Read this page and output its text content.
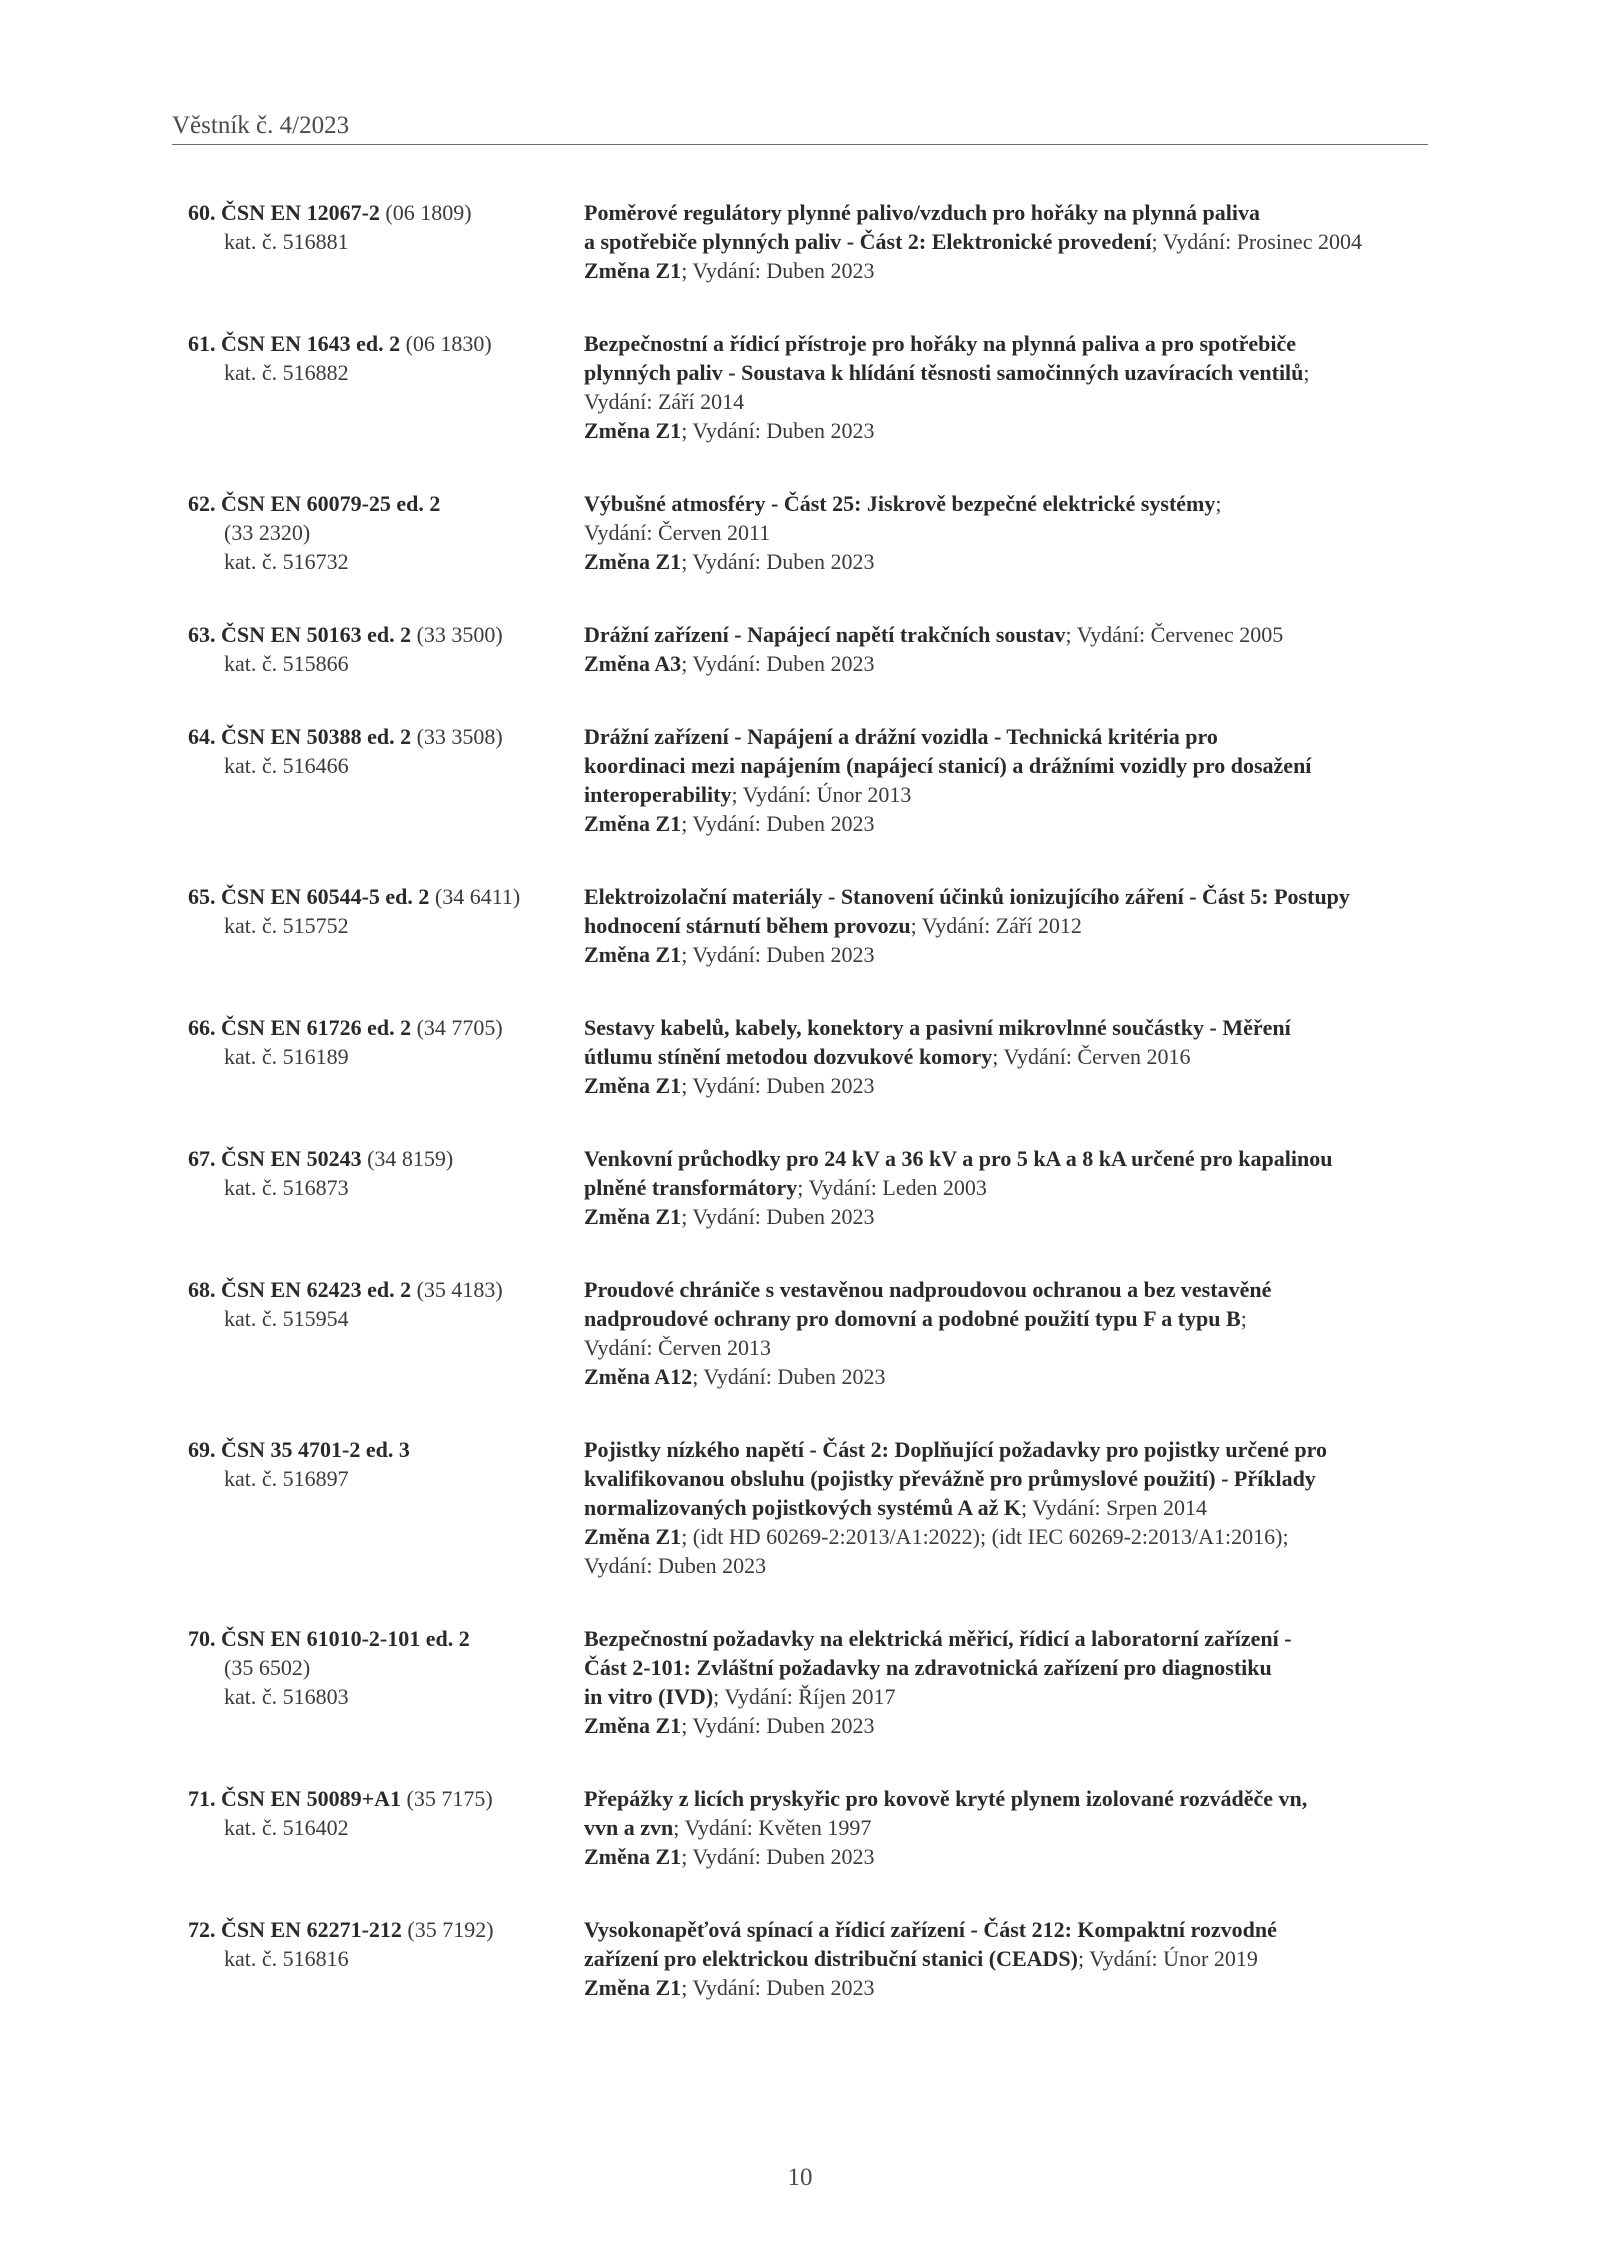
Věstník č. 4/2023
60. ČSN EN 12067-2 (06 1809)
kat. č. 516881
Poměrové regulátory plynné palivo/vzduch pro hořáky na plynná paliva
a spotřebiče plynných paliv - Část 2: Elektronické provedení; Vydání: Prosinec 2004
Změna Z1; Vydání: Duben 2023
61. ČSN EN 1643 ed. 2 (06 1830)
kat. č. 516882
Bezpečnostní a řídicí přístroje pro hořáky na plynná paliva a pro spotřebiče
plynných paliv - Soustava k hlídání těsnosti samočinných uzavíracích ventilů;
Vydání: Září 2014
Změna Z1; Vydání: Duben 2023
62. ČSN EN 60079-25 ed. 2
(33 2320)
kat. č. 516732
Výbušné atmosféry - Část 25: Jiskrově bezpečné elektrické systémy;
Vydání: Červen 2011
Změna Z1; Vydání: Duben 2023
63. ČSN EN 50163 ed. 2 (33 3500)
kat. č. 515866
Drážní zařízení - Napájecí napětí trakčních soustav; Vydání: Červenec 2005
Změna A3; Vydání: Duben 2023
64. ČSN EN 50388 ed. 2 (33 3508)
kat. č. 516466
Drážní zařízení - Napájení a drážní vozidla - Technická kritéria pro
koordinaci mezi napájením (napájecí stanicí) a drážními vozidly pro dosažení
interoperability; Vydání: Únor 2013
Změna Z1; Vydání: Duben 2023
65. ČSN EN 60544-5 ed. 2 (34 6411)
kat. č. 515752
Elektroizolační materiály - Stanovení účinků ionizujícího záření - Část 5: Postupy
hodnocení stárnutí během provozu; Vydání: Září 2012
Změna Z1; Vydání: Duben 2023
66. ČSN EN 61726 ed. 2 (34 7705)
kat. č. 516189
Sestavy kabelů, kabely, konektory a pasivní mikrovlnné součástky - Měření
útlumu stínění metodou dozvukové komory; Vydání: Červen 2016
Změna Z1; Vydání: Duben 2023
67. ČSN EN 50243 (34 8159)
kat. č. 516873
Venkovní průchodky pro 24 kV a 36 kV a pro 5 kA a 8 kA určené pro kapalinou
plněné transformátory; Vydání: Leden 2003
Změna Z1; Vydání: Duben 2023
68. ČSN EN 62423 ed. 2 (35 4183)
kat. č. 515954
Proudové chrániče s vestavěnou nadproudovou ochranou a bez vestavěné
nadproudové ochrany pro domovní a podobné použití typu F a typu B;
Vydání: Červen 2013
Změna A12; Vydání: Duben 2023
69. ČSN 35 4701-2 ed. 3
kat. č. 516897
Pojistky nízkého napětí - Část 2: Doplňující požadavky pro pojistky určené pro
kvalifikovanou obsluhu (pojistky převážně pro průmyslové použití) - Příklady
normalizovaných pojistkových systémů A až K; Vydání: Srpen 2014
Změna Z1; (idt HD 60269-2:2013/A1:2022); (idt IEC 60269-2:2013/A1:2016);
Vydání: Duben 2023
70. ČSN EN 61010-2-101 ed. 2
(35 6502)
kat. č. 516803
Bezpečnostní požadavky na elektrická měřicí, řídicí a laboratorní zařízení -
Část 2-101: Zvláštní požadavky na zdravotnická zařízení pro diagnostiku
in vitro (IVD); Vydání: Říjen 2017
Změna Z1; Vydání: Duben 2023
71. ČSN EN 50089+A1 (35 7175)
kat. č. 516402
Přepážky z licích pryskyřic pro kovově kryté plynem izolované rozváděče vn,
vvn a zvn; Vydání: Květen 1997
Změna Z1; Vydání: Duben 2023
72. ČSN EN 62271-212 (35 7192)
kat. č. 516816
Vysokonapěťová spínací a řídicí zařízení - Část 212: Kompaktní rozvodné
zařízení pro elektrickou distribuční stanici (CEADS); Vydání: Únor 2019
Změna Z1; Vydání: Duben 2023
10
